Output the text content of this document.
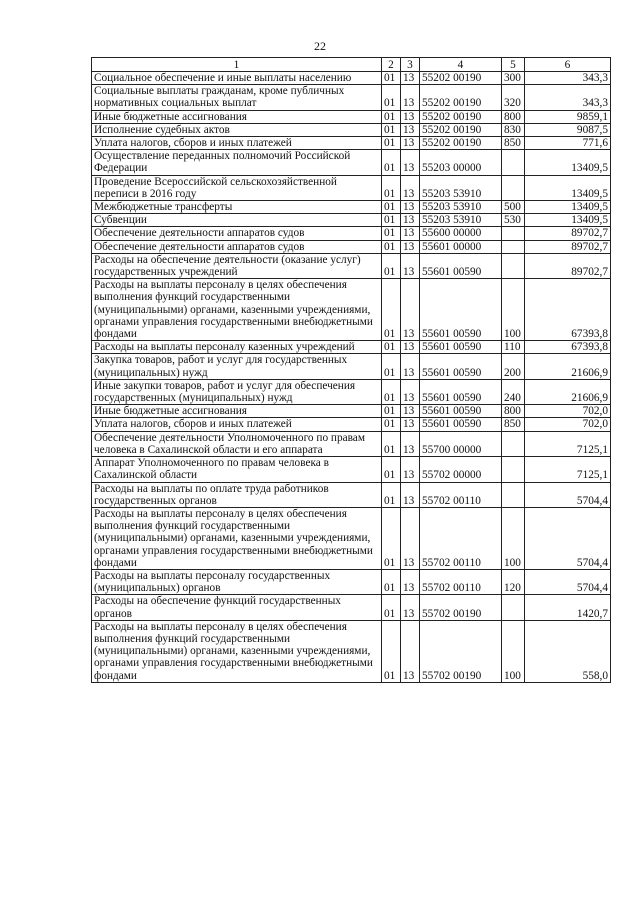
22
1	2	3	4	5	6
Социальное обеспечение и иные выплаты населению	01	13	55202 00190	300	343,3
Социальные выплаты гражданам, кроме публичных нормативных социальных выплат	01	13	55202 00190	320	343,3
Иные бюджетные ассигнования	01	13	55202 00190	800	9859,1
Исполнение судебных актов	01	13	55202 00190	830	9087,5
Уплата налогов, сборов и иных платежей	01	13	55202 00190	850	771,6
Осуществление переданных полномочий Российской Федерации	01	13	55203 00000		13409,5
Проведение Всероссийской сельскохозяйственной переписи в 2016 году	01	13	55203 53910		13409,5
Межбюджетные трансферты	01	13	55203 53910	500	13409,5
Субвенции	01	13	55203 53910	530	13409,5
Обеспечение деятельности аппаратов судов	01	13	55600 00000		89702,7
Обеспечение деятельности аппаратов судов	01	13	55601 00000		89702,7
Расходы на обеспечение деятельности (оказание услуг) государственных учреждений	01	13	55601 00590		89702,7
Расходы на выплаты персоналу в целях обеспечения выполнения функций государственными (муниципальными) органами, казенными учреждениями, органами управления государственными внебюджетными фондами	01	13	55601 00590	100	67393,8
Расходы на выплаты персоналу казенных учреждений	01	13	55601 00590	110	67393,8
Закупка товаров, работ и услуг для государственных (муниципальных) нужд	01	13	55601 00590	200	21606,9
Иные закупки товаров, работ и услуг для обеспечения государственных (муниципальных) нужд	01	13	55601 00590	240	21606,9
Иные бюджетные ассигнования	01	13	55601 00590	800	702,0
Уплата налогов, сборов и иных платежей	01	13	55601 00590	850	702,0
Обеспечение деятельности Уполномоченного по правам человека в Сахалинской области и его аппарата	01	13	55700 00000		7125,1
Аппарат Уполномоченного по правам человека в Сахалинской области	01	13	55702 00000		7125,1
Расходы на выплаты по оплате труда работников государственных органов	01	13	55702 00110		5704,4
Расходы на выплаты персоналу в целях обеспечения выполнения функций государственными (муниципальными) органами, казенными учреждениями, органами управления государственными внебюджетными фондами	01	13	55702 00110	100	5704,4
Расходы на выплаты персоналу государственных (муниципальных) органов	01	13	55702 00110	120	5704,4
Расходы на обеспечение функций государственных органов	01	13	55702 00190		1420,7
Расходы на выплаты персоналу в целях обеспечения выполнения функций государственными (муниципальными) органами, казенными учреждениями, органами управления государственными внебюджетными фондами	01	13	55702 00190	100	558,0
